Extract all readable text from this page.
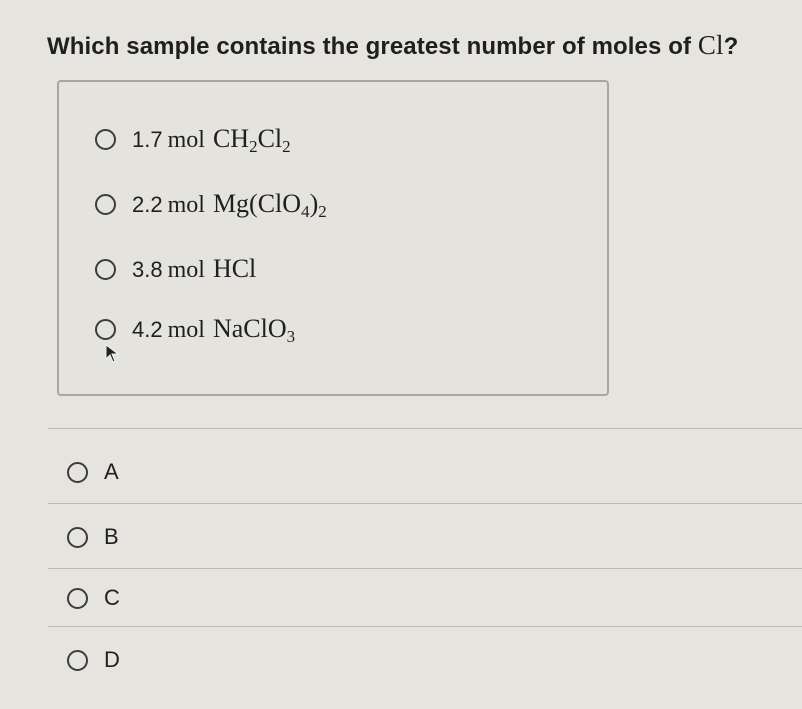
Which sample contains the greatest number of moles of Cl?
1.7 mol $CH_2Cl_2$
2.2 mol $Mg(ClO_4)_2$
3.8 mol HCl
4.2 mol NaClO$_3$
A
B
C
D
